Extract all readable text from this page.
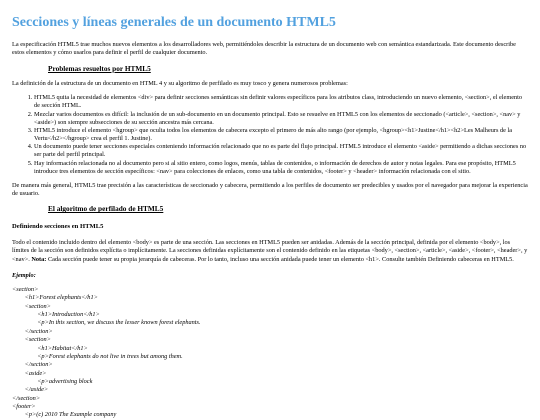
Secciones y líneas generales de un documento HTML5

La especificación HTML5 trae muchos nuevos elementos a los desarrolladores web, permitiéndoles describir la estructura de un documento web con semántica estandarizada. Este documento describe estos elementos y cómo usarlos para definir el perfil de cualquier documento.

Problemas resueltos por HTML5

La definición de la estructura de un documento en HTML 4 y su algoritmo de perfilado es muy tosco y genera numerosos problemas:

1. HTML5 quita la necesidad de elementos <div> para definir secciones semánticas sin definir valores específicos para los atributos class, introduciendo un nuevo elemento, <section>, el elemento de sección HTML.
2. Mezclar varios documentos es difícil: la inclusión de un sub-documento en un documento principal. Esto se resuelve en HTML5 con los elementos de seccionado (<article>, <section>, <nav> y <aside>) son siempre subsecciones de su sección ancestra más cercana.
3. HTML5 introduce el elemento <hgroup> que oculta todos los elementos de cabecera excepto el primero de más alto rango (por ejemplo, <hgroup><h1>Justine</h1><h2>Les Malheurs de la Vertu</h2></hgroup> crea el perfil 1. Justine).
4. Un documento puede tener secciones especiales conteniendo información relacionado que no es parte del flujo principal. HTML5 introduce el elemento <aside> permitiendo a dichas secciones no ser parte del perfil principal.
5. Hay información relacionada no al documento pero si al sitio entero, como logos, menús, tablas de contenidos, o información de derechos de autor y notas legales. Para ese propósito, HTML5 introduce tres elementos de sección específicos: <nav> para colecciones de enlaces, como una tabla de contenidos, <footer> y <header> información relacionada con el sitio.

De manera más general, HTML5 trae precisión a las características de seccionado y cabecera, permitiendo a los perfiles de documento ser predecibles y usados por el navegador para mejorar la experiencia de usuario.

El algoritmo de perfilado de HTML5
Definiendo secciones en HTML5

Todo el contenido incluido dentro del elemento <body> es parte de una sección. Las secciones en HTML5 pueden ser anidadas. Además de la sección principal, definida por el elemento <body>, los límites de la sección son definidos explícita o implícitamente. La secciones definidas explícitamente son el contenido definido en las etiquetas <body>, <section>, <article>, <aside>, <footer>, <header>, y <nav>. Nota: Cada sección puede tener su propia jerarquía de cabeceras. Por lo tanto, incluso una sección anidada puede tener un elemento <h1>. Consulte también Definiendo cabeceras en HTML5.

Ejemplo:

<section>
<h1>Forest elephants</h1>
<section>
<h1>Introduction</h1>
<p>In this section, we discuss the lesser known forest elephants.
</section>
<section>
<h1>Habitat</h1>
<p>Forest elephants do not live in trees but among them.
</section>
<aside>
<p>advertising block
</aside>
</section>
<footer>
<p>(c) 2010 The Example company
